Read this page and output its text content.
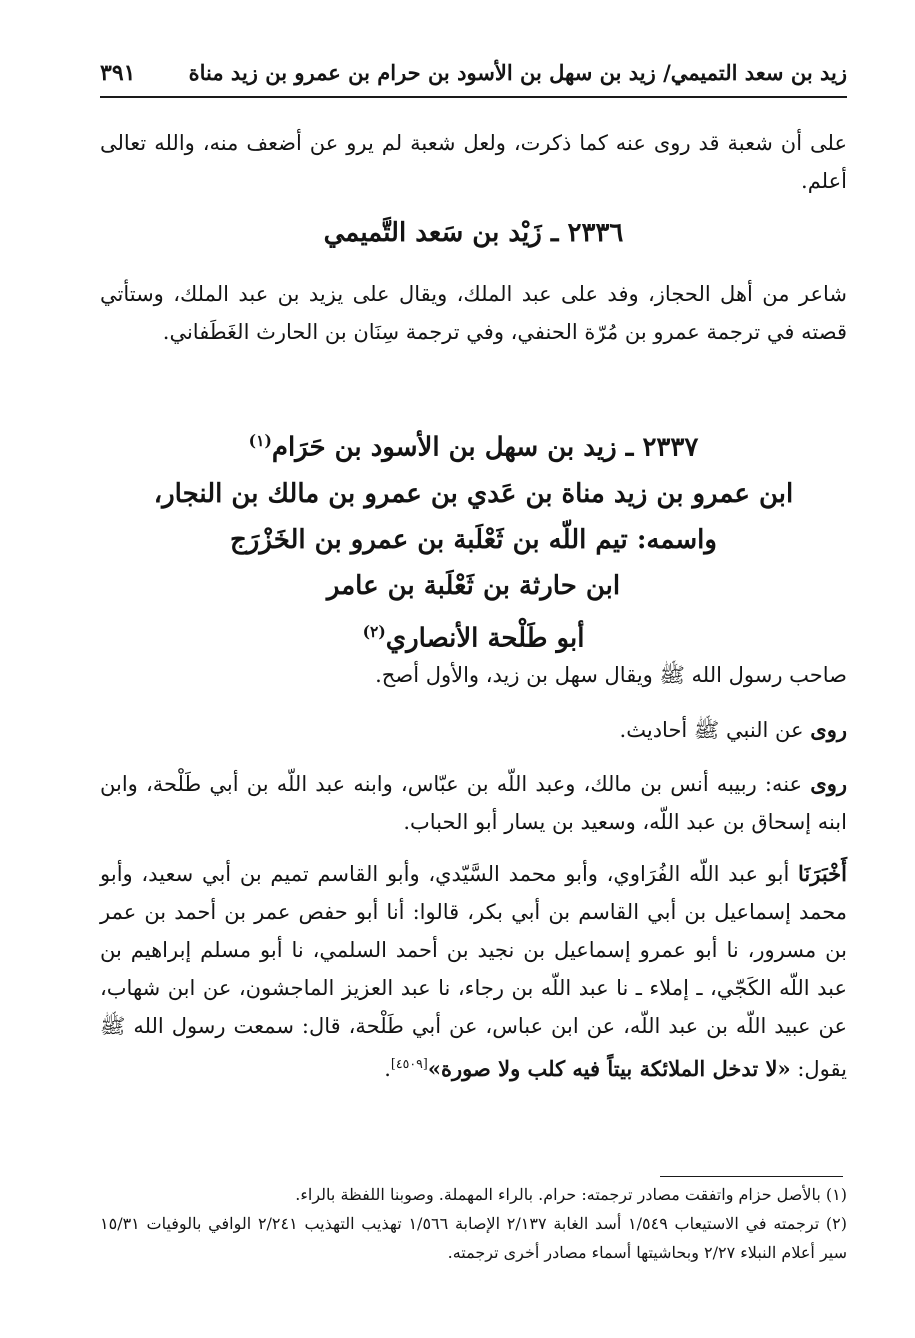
زيد بن سعد التميمي/ زيد بن سهل بن الأسود بن حرام بن عمرو بن زيد مناة
٣٩١

على أن شعبة قد روى عنه كما ذكرت، ولعل شعبة لم يرو عن أضعف منه، والله تعالى أعلم.

٢٣٣٦ ـ زَيْد بن سَعد التَّميمي

شاعر من أهل الحجاز، وفد على عبد الملك، ويقال على يزيد بن عبد الملك، وستأتي قصته في ترجمة عمرو بن مُرّة الحنفي، وفي ترجمة سِنَان بن الحارث الغَطَفاني.

٢٣٣٧ ـ زيد بن سهل بن الأسود بن حَرَام$^{(١)}$
ابن عمرو بن زيد مناة بن عَدي بن عمرو بن مالك بن النجار،
واسمه: تيم اللّه بن ثَعْلَبة بن عمرو بن الخَزْرَج
ابن حارثة بن ثَعْلَبة بن عامر
أبو طَلْحة الأنصاري$^{(٢)}$

صاحب رسول الله ﷺ ويقال سهل بن زيد، والأول أصح.

روى عن النبي ﷺ أحاديث.

روى عنه: ربيبه أنس بن مالك، وعبد اللّه بن عبّاس، وابنه عبد اللّه بن أبي طَلْحة، وابن ابنه إسحاق بن عبد اللّه، وسعيد بن يسار أبو الحباب.

أَخْبَرَنَا أبو عبد اللّه الفُرَاوي، وأبو محمد السَّيّدي، وأبو القاسم تميم بن أبي سعيد، وأبو محمد إسماعيل بن أبي القاسم بن أبي بكر، قالوا: أنا أبو حفص عمر بن أحمد بن عمر بن مسرور، نا أبو عمرو إسماعيل بن نجيد بن أحمد السلمي، نا أبو مسلم إبراهيم بن عبد اللّه الكَجّي، ـ إملاء ـ نا عبد اللّه بن رجاء، نا عبد العزيز الماجشون، عن ابن شهاب، عن عبيد اللّه بن عبد اللّه، عن ابن عباس، عن أبي طَلْحة، قال: سمعت رسول الله ﷺ يقول: «لا تدخل الملائكة بيتاً فيه كلب ولا صورة»[٤٥٠٩].

(١) بالأصل حزام واتفقت مصادر ترجمته: حرام. بالراء المهملة. وصوبنا اللفظة بالراء.

(٢) ترجمته في الاستيعاب ١/٥٤٩ أسد الغابة ٢/١٣٧ الإصابة ١/٥٦٦ تهذيب التهذيب ٢/٢٤١ الوافي بالوفيات ١٥/٣١ سير أعلام النبلاء ٢/٢٧ وبحاشيتها أسماء مصادر أخرى ترجمته.
